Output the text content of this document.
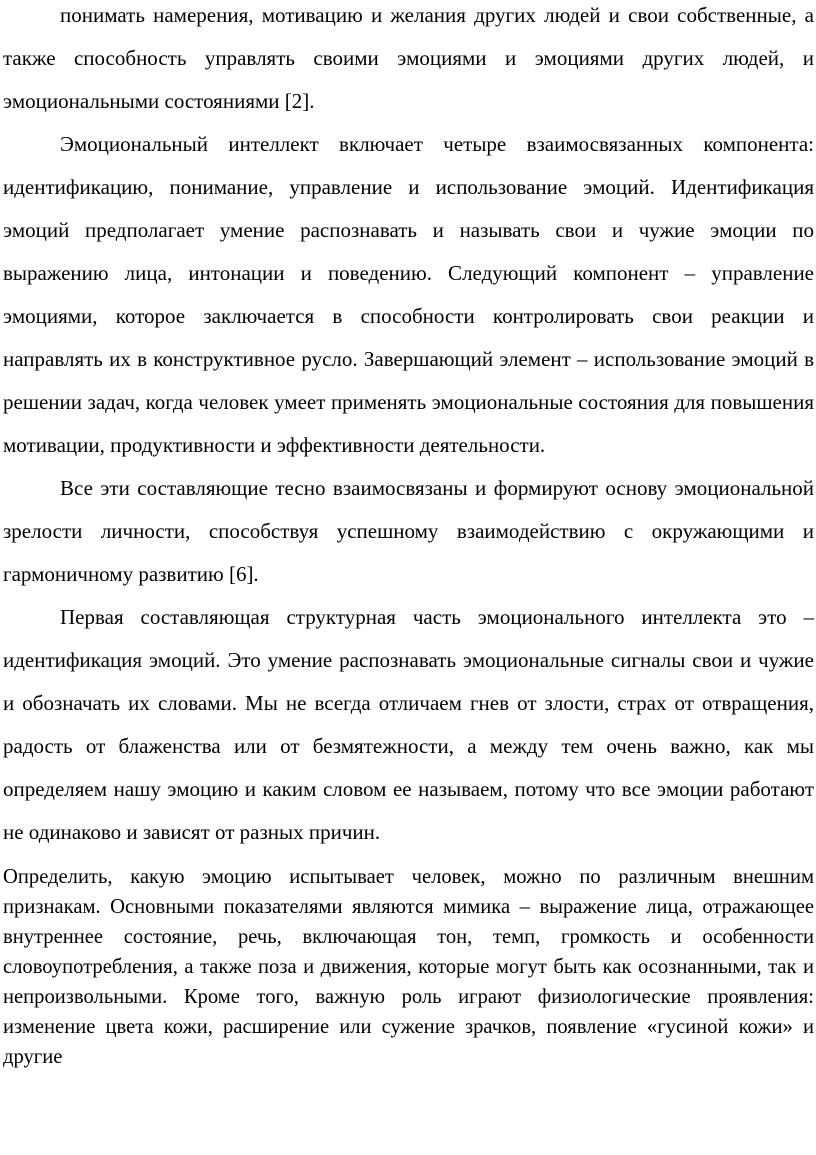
понимать намерения, мотивацию и желания других людей и свои собственные, а также способность управлять своими эмоциями и эмоциями других людей, и эмоциональными состояниями [2].

Эмоциональный интеллект включает четыре взаимосвязанных компонента: идентификацию, понимание, управление и использование эмоций. Идентификация эмоций предполагает умение распознавать и называть свои и чужие эмоции по выражению лица, интонации и поведению. Следующий компонент – управление эмоциями, которое заключается в способности контролировать свои реакции и направлять их в конструктивное русло. Завершающий элемент – использование эмоций в решении задач, когда человек умеет применять эмоциональные состояния для повышения мотивации, продуктивности и эффективности деятельности.

Все эти составляющие тесно взаимосвязаны и формируют основу эмоциональной зрелости личности, способствуя успешному взаимодействию с окружающими и гармоничному развитию [6].

Первая составляющая структурная часть эмоционального интеллекта это – идентификация эмоций. Это умение распознавать эмоциональные сигналы свои и чужие и обозначать их словами. Мы не всегда отличаем гнев от злости, страх от отвращения, радость от блаженства или от безмятежности, а между тем очень важно, как мы определяем нашу эмоцию и каким словом ее называем, потому что все эмоции работают не одинаково и зависят от разных причин.

Определить, какую эмоцию испытывает человек, можно по различным внешним признакам. Основными показателями являются мимика – выражение лица, отражающее внутреннее состояние, речь, включающая тон, темп, громкость и особенности словоупотребления, а также поза и движения, которые могут быть как осознанными, так и непроизвольными. Кроме того, важную роль играют физиологические проявления: изменение цвета кожи, расширение или сужение зрачков, появление «гусиной кожи» и другие
